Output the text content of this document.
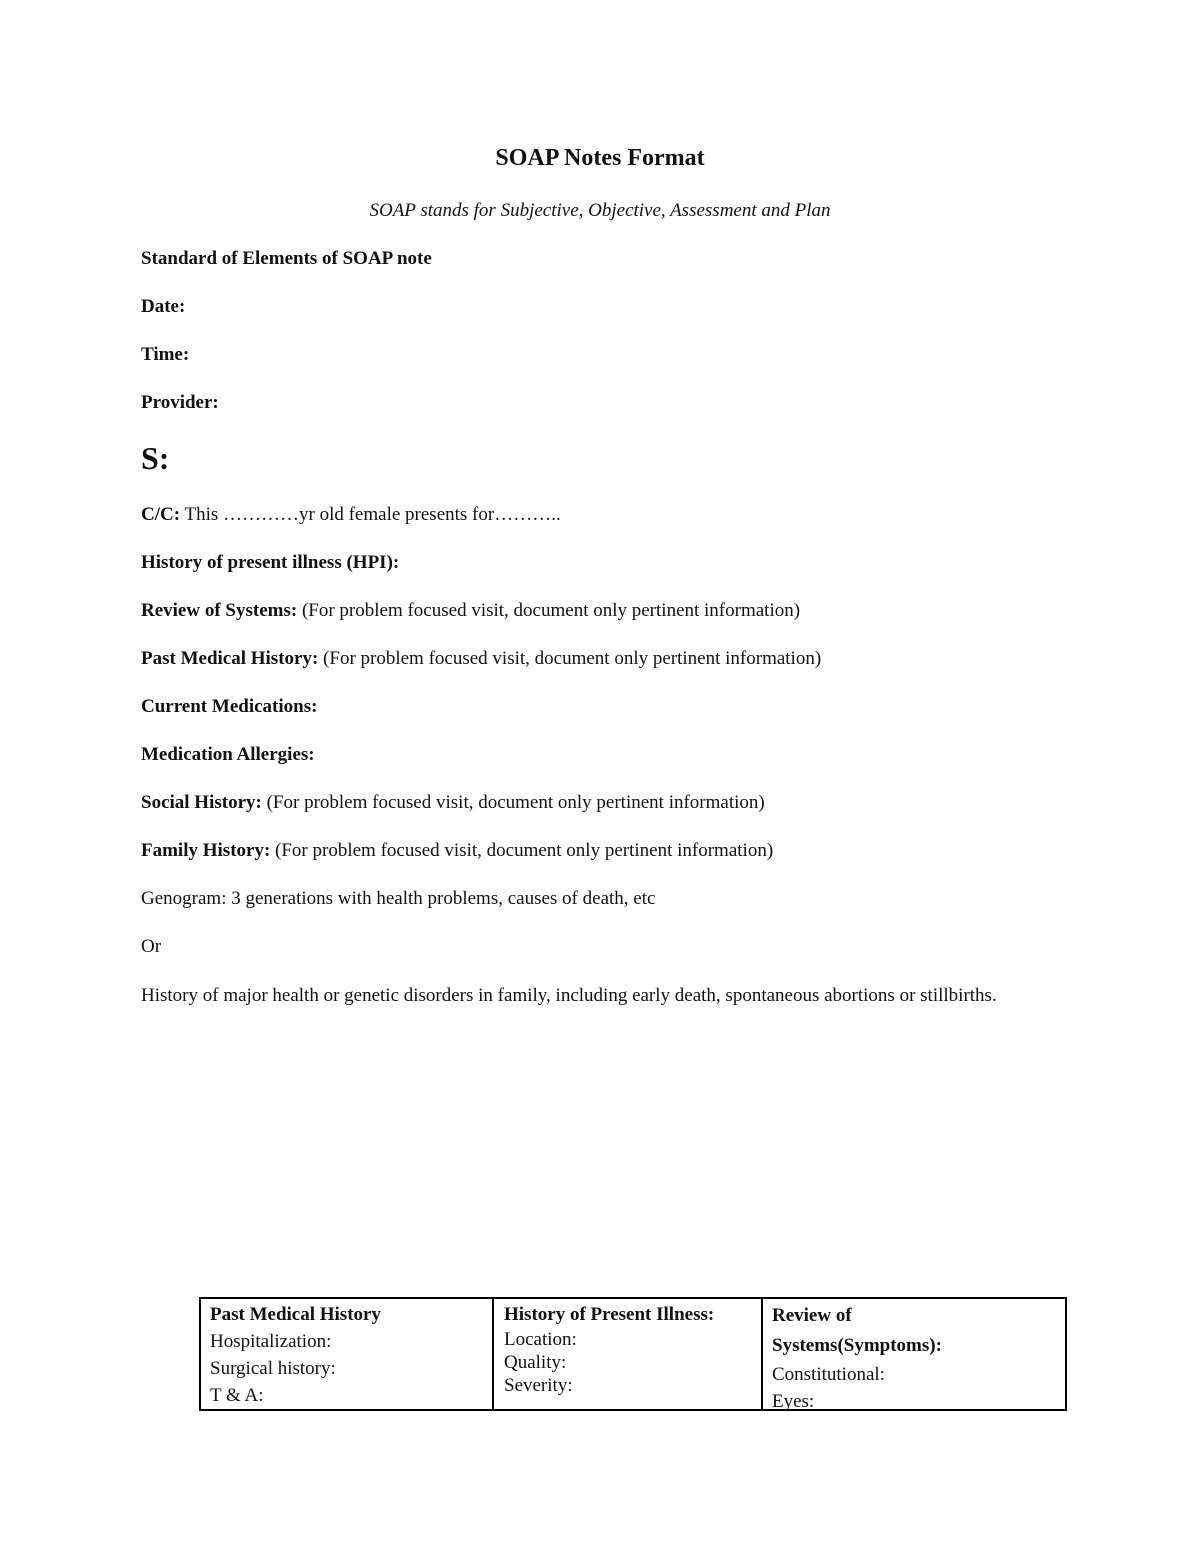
SOAP Notes Format
SOAP stands for Subjective, Objective, Assessment and Plan
Standard of Elements of SOAP note
Date:
Time:
Provider:
S:
C/C: This …………yr old female presents for………..
History of present illness (HPI):
Review of Systems: (For problem focused visit, document only pertinent information)
Past Medical History: (For problem focused visit, document only pertinent information)
Current Medications:
Medication Allergies:
Social History: (For problem focused visit, document only pertinent information)
Family History: (For problem focused visit, document only pertinent information)
Genogram: 3 generations with health problems, causes of death, etc
Or
History of major health or genetic disorders in family, including early death, spontaneous abortions or stillbirths.
Past Medical History
Hospitalization:
Surgical history:
T & A:
History of Present Illness:
Location:
Quality:
Severity:
Review of
Systems(Symptoms):
Constitutional:
Eyes:
